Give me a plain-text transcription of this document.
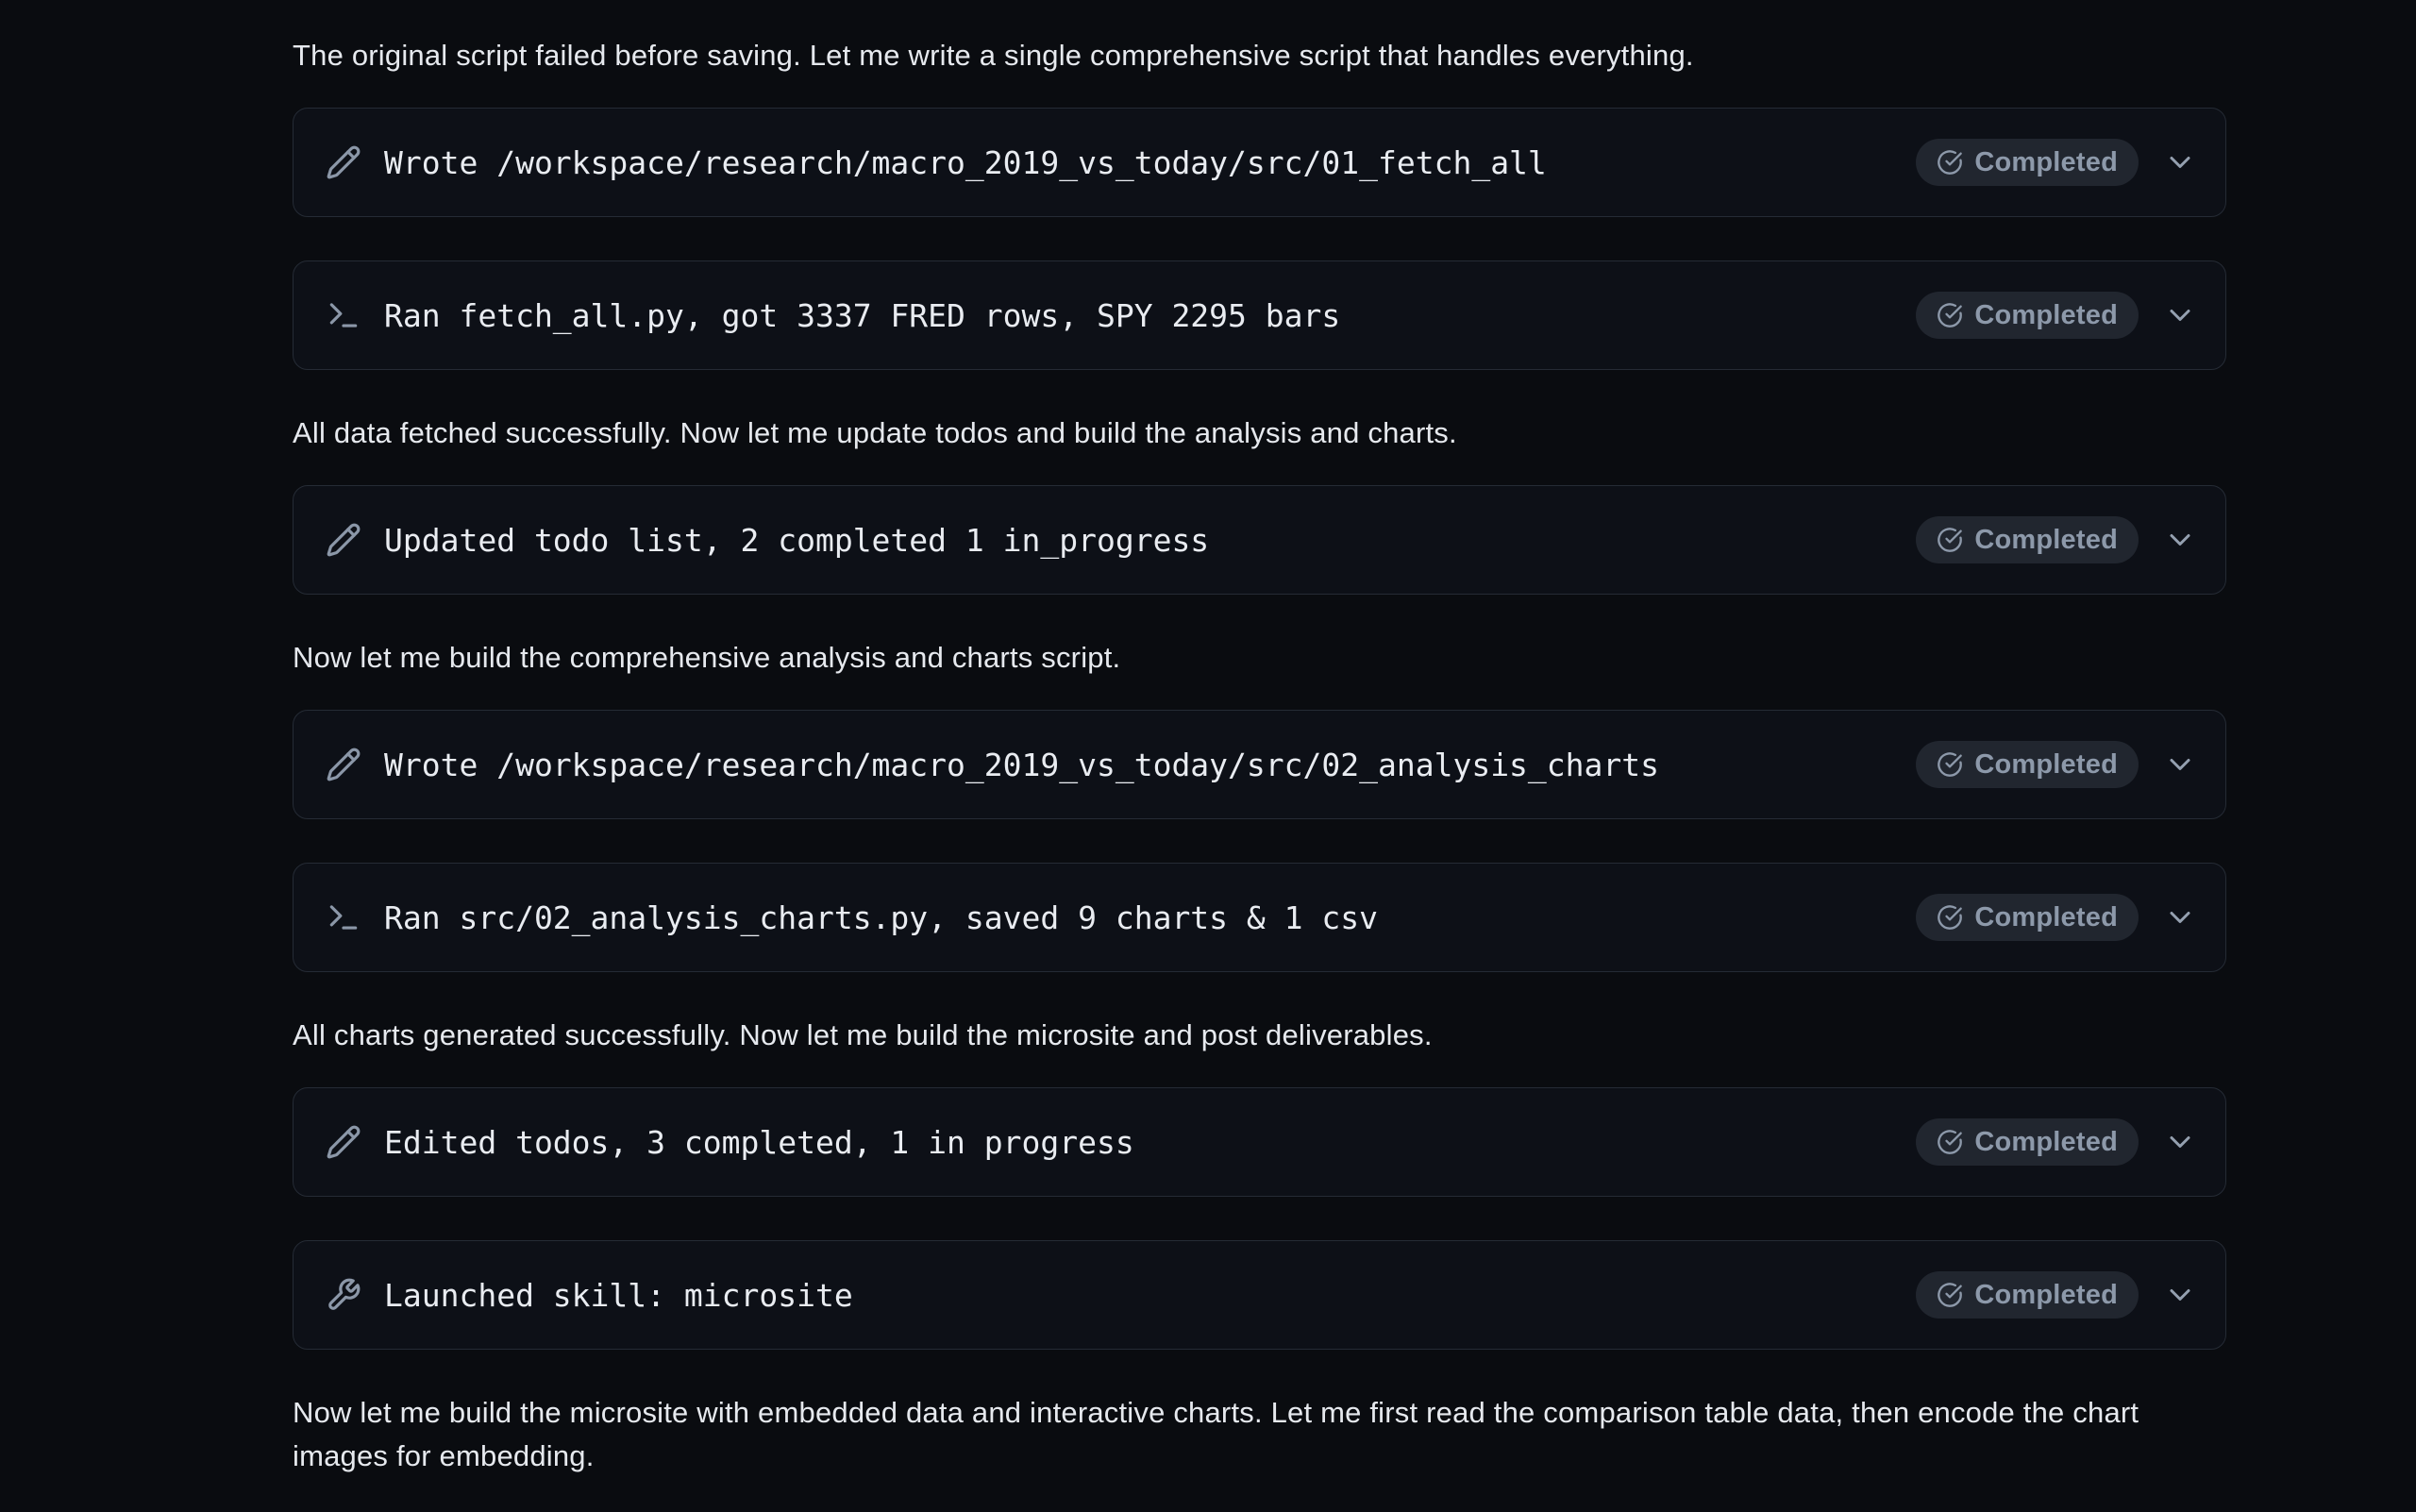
The original script failed before saving. Let me write a single comprehensive script that handles everything.

Wrote /workspace/research/macro_2019_vs_today/src/01_fetch_all	Completed
Ran fetch_all.py, got 3337 FRED rows, SPY 2295 bars	Completed

All data fetched successfully. Now let me update todos and build the analysis and charts.

Updated todo list, 2 completed 1 in_progress	Completed

Now let me build the comprehensive analysis and charts script.

Wrote /workspace/research/macro_2019_vs_today/src/02_analysis_charts	Completed
Ran src/02_analysis_charts.py, saved 9 charts & 1 csv	Completed

All charts generated successfully. Now let me build the microsite and post deliverables.

Edited todos, 3 completed, 1 in progress	Completed
Launched skill: microsite	Completed

Now let me build the microsite with embedded data and interactive charts. Let me first read the comparison table data, then encode the chart images for embedding.
